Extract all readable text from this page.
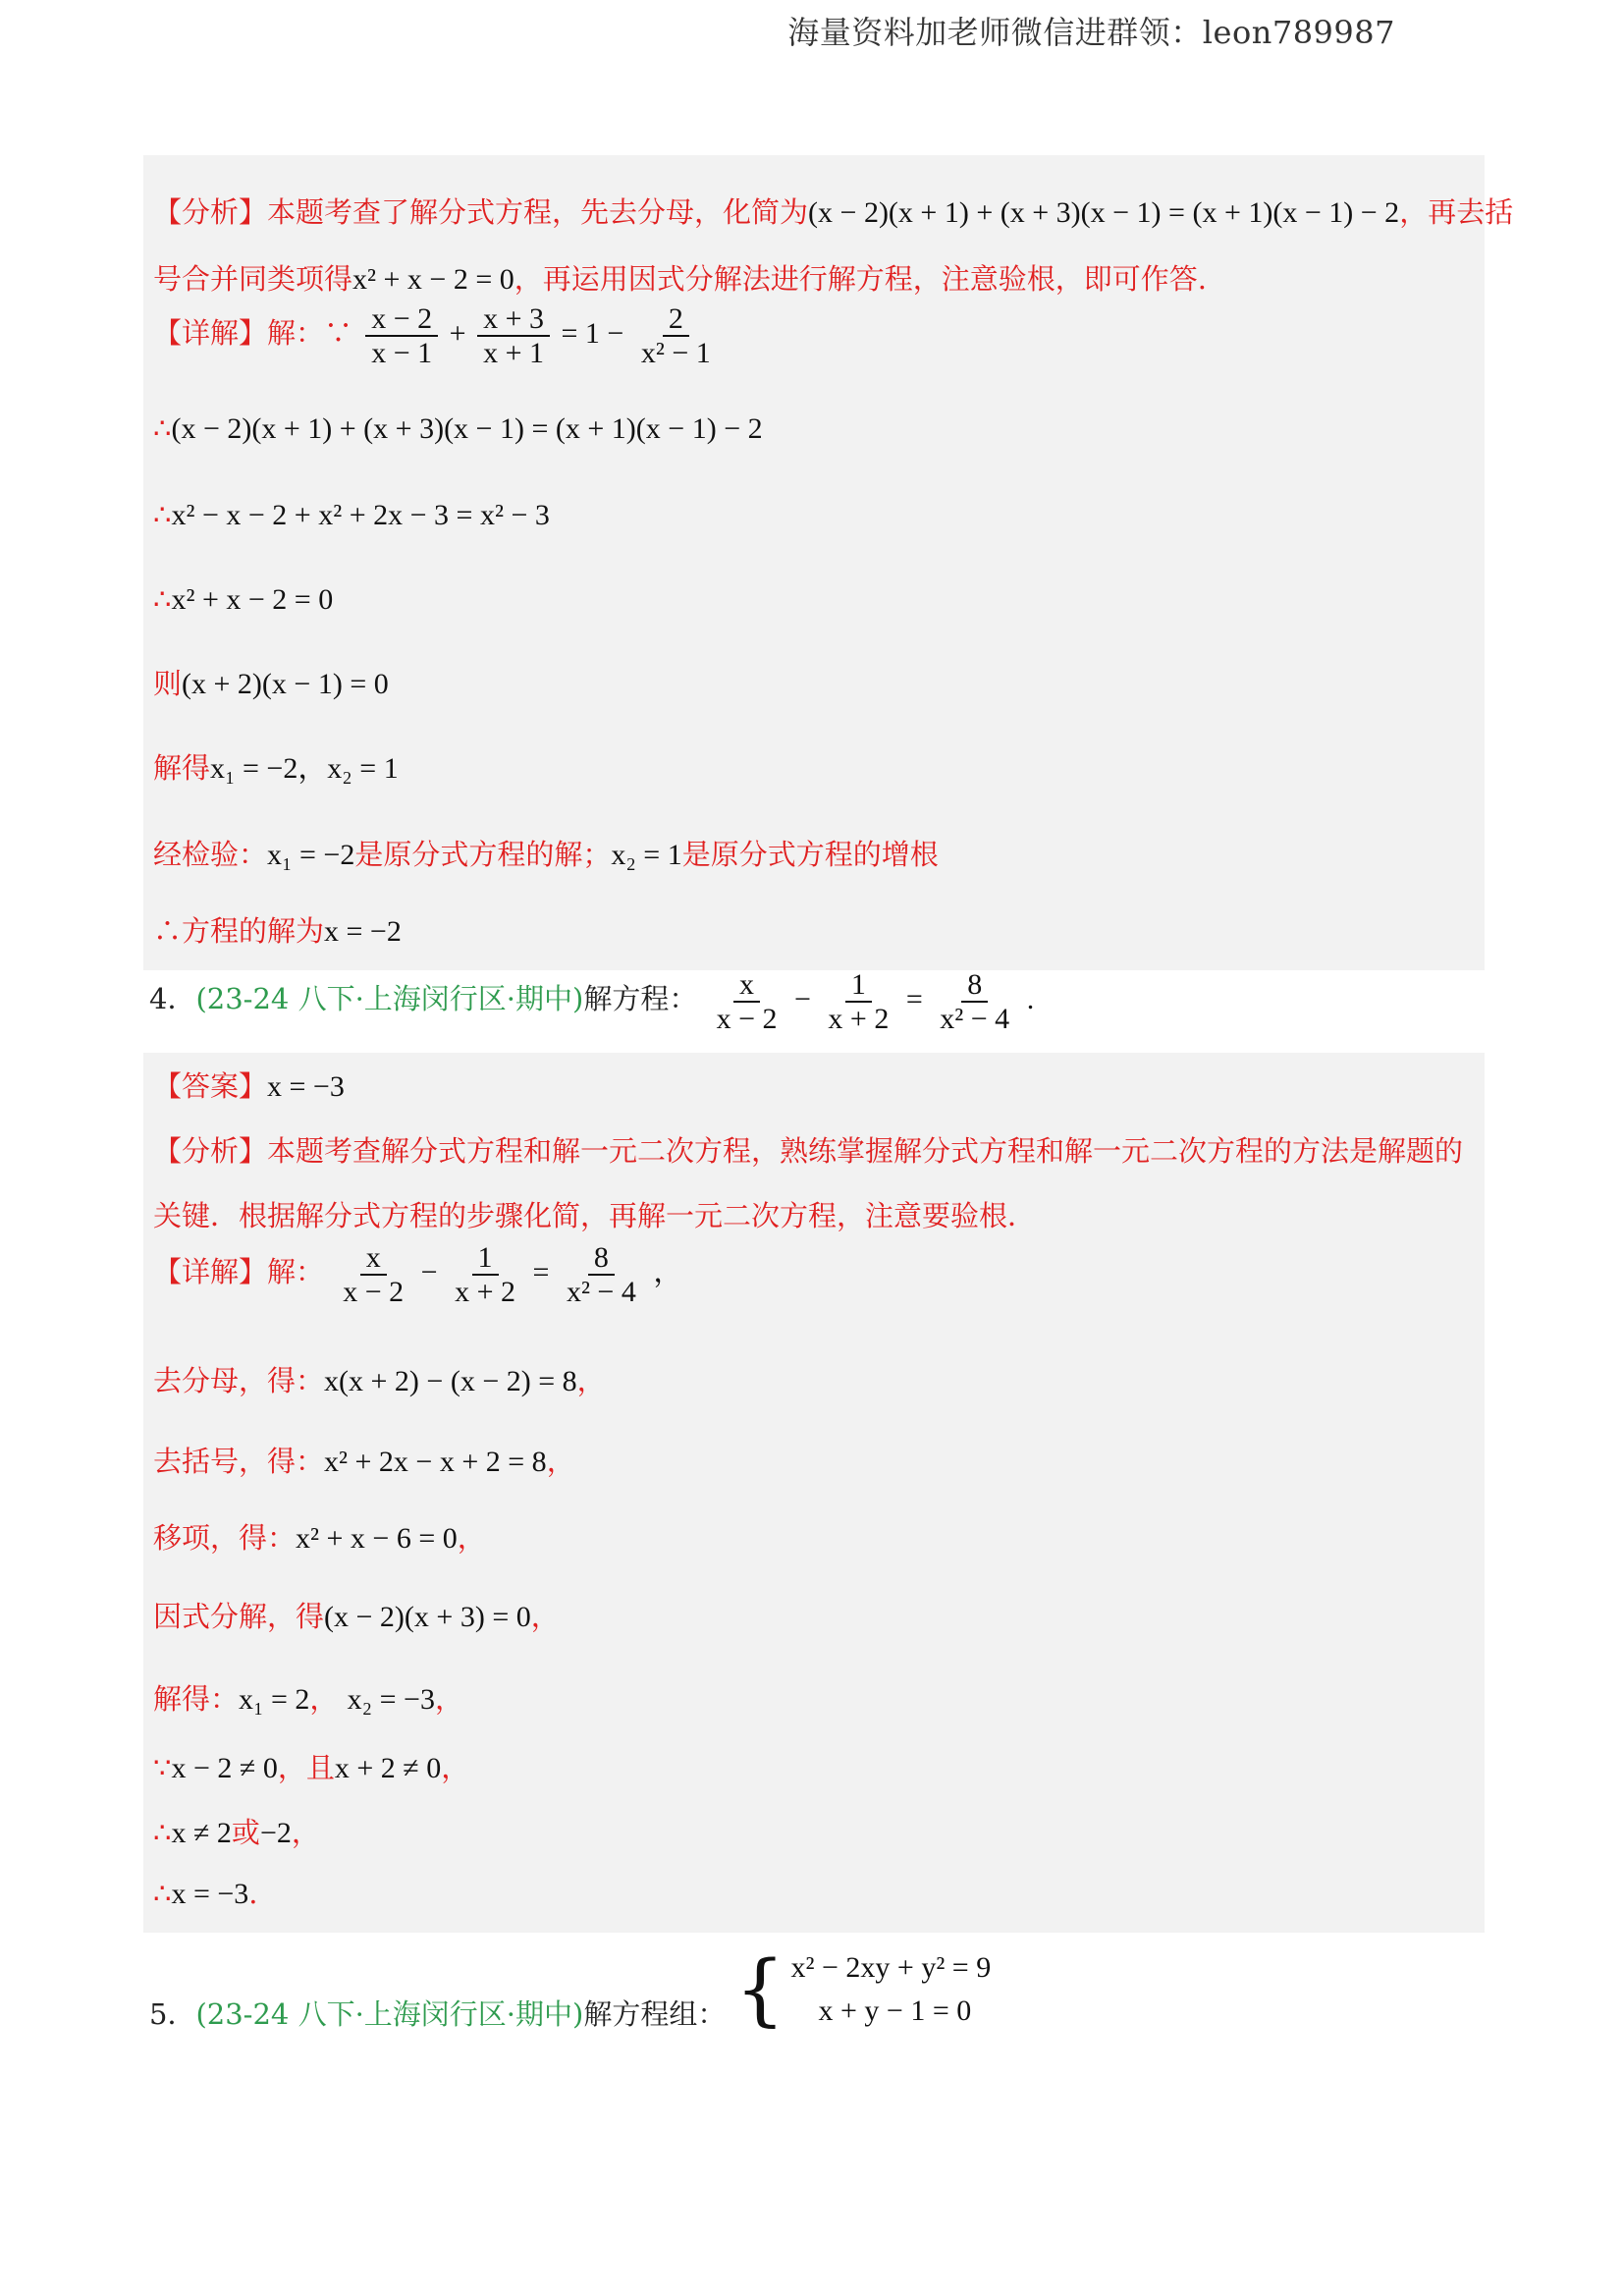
海量资料加老师微信进群领：leon789987
【分析】本题考查了解分式方程，先去分母，化简为(x − 2)(x + 1) + (x + 3)(x − 1) = (x + 1)(x − 1) − 2，再去括
号合并同类项得x² + x − 2 = 0，再运用因式分解法进行解方程，注意验根，即可作答.
【详解】解：∵ $\frac{x - 2}{x - 1} + \frac{x + 3}{x + 1} = 1 - \frac{2}{\text{x² − 1}}$
∴(x − 2)(x + 1) + (x + 3)(x − 1) = (x + 1)(x − 1) − 2
∴x² − x − 2 + x² + 2x − 3 = x² − 3
∴x² + x − 2 = 0
则(x + 2)(x − 1) = 0
解得x₁ = −2，x₂ = 1
经检验：x₁ = −2是原分式方程的解；x₂ = 1是原分式方程的增根
∴方程的解为x = −2
4．(23-24 八下·上海闵行区·期中)解方程： $\frac{x}{x - 2} - \frac{1}{x + 2} = \frac{8}{\text{x² − 4}}$ .
【答案】x = −3
【分析】本题考查解分式方程和解一元二次方程，熟练掌握解分式方程和解一元二次方程的方法是解题的
关键．根据解分式方程的步骤化简，再解一元二次方程，注意要验根．
【详解】解： $\frac{x}{x - 2} - \frac{1}{x + 2} = \frac{8}{\text{x² − 4}}$ ，
去分母，得：x(x + 2) − (x − 2) = 8，
去括号，得：x² + 2x − x + 2 = 8，
移项，得：x² + x − 6 = 0，
因式分解，得(x − 2)(x + 3) = 0，
解得：x₁ = 2， x₂ = −3，
∵x − 2 ≠ 0，且x + 2 ≠ 0，
∴x ≠ 2或−2，
∴x = −3.
5．(23-24 八下·上海闵行区·期中)解方程组： { x² − 2xy + y² = 9
x + y − 1 = 0
